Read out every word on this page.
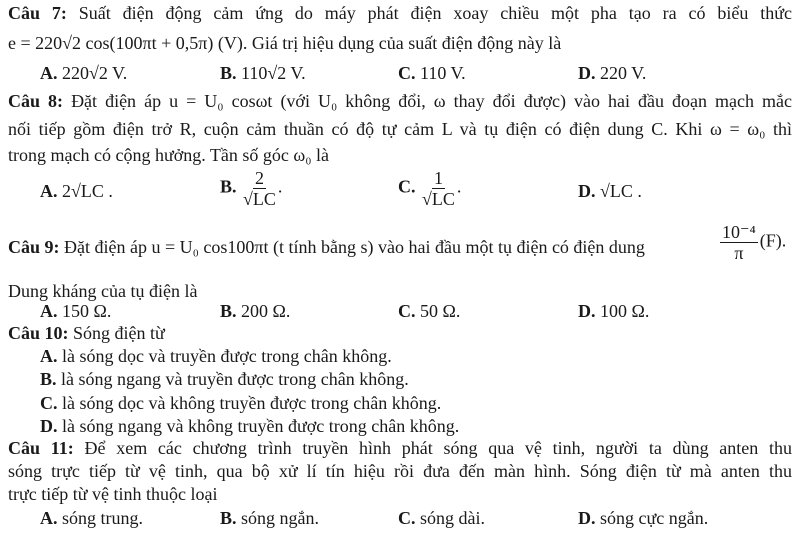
Câu 7: Suất điện động cảm ứng do máy phát điện xoay chiều một pha tạo ra có biểu thức
e = 220√2 cos(100πt + 0,5π) (V). Giá trị hiệu dụng của suất điện động này là
A. 220√2 V.	B. 110√2 V.	C. 110 V.	D. 220 V.
Câu 8: Đặt điện áp u = U₀ cosωt (với U₀ không đổi, ω thay đổi được) vào hai đầu đoạn mạch mắc
nối tiếp gồm điện trở R, cuộn cảm thuần có độ tự cảm L và tụ điện có điện dung C. Khi ω = ω₀ thì
trong mạch có cộng hưởng. Tần số góc ω₀ là
A. 2√LC .	B. $\frac{2}{√LC}$ .	C. $\frac{1}{√LC}$ .	D. √LC .
Câu 9: Đặt điện áp u = U₀ cos100πt (t tính bằng s) vào hai đầu một tụ điện có điện dung	$\frac{\text{10⁻⁴}}{\pi} (F)$.
Dung kháng của tụ điện là
A. 150 Ω.	B. 200 Ω.	C. 50 Ω.	D. 100 Ω.
Câu 10: Sóng điện từ
A. là sóng dọc và truyền được trong chân không.
B. là sóng ngang và truyền được trong chân không.
C. là sóng dọc và không truyền được trong chân không.
D. là sóng ngang và không truyền được trong chân không.
Câu 11: Để xem các chương trình truyền hình phát sóng qua vệ tinh, người ta dùng anten thu
sóng trực tiếp từ vệ tinh, qua bộ xử lí tín hiệu rồi đưa đến màn hình. Sóng điện từ mà anten thu
trực tiếp từ vệ tinh thuộc loại
A. sóng trung.	B. sóng ngắn.	C. sóng dài.	D. sóng cực ngắn.
